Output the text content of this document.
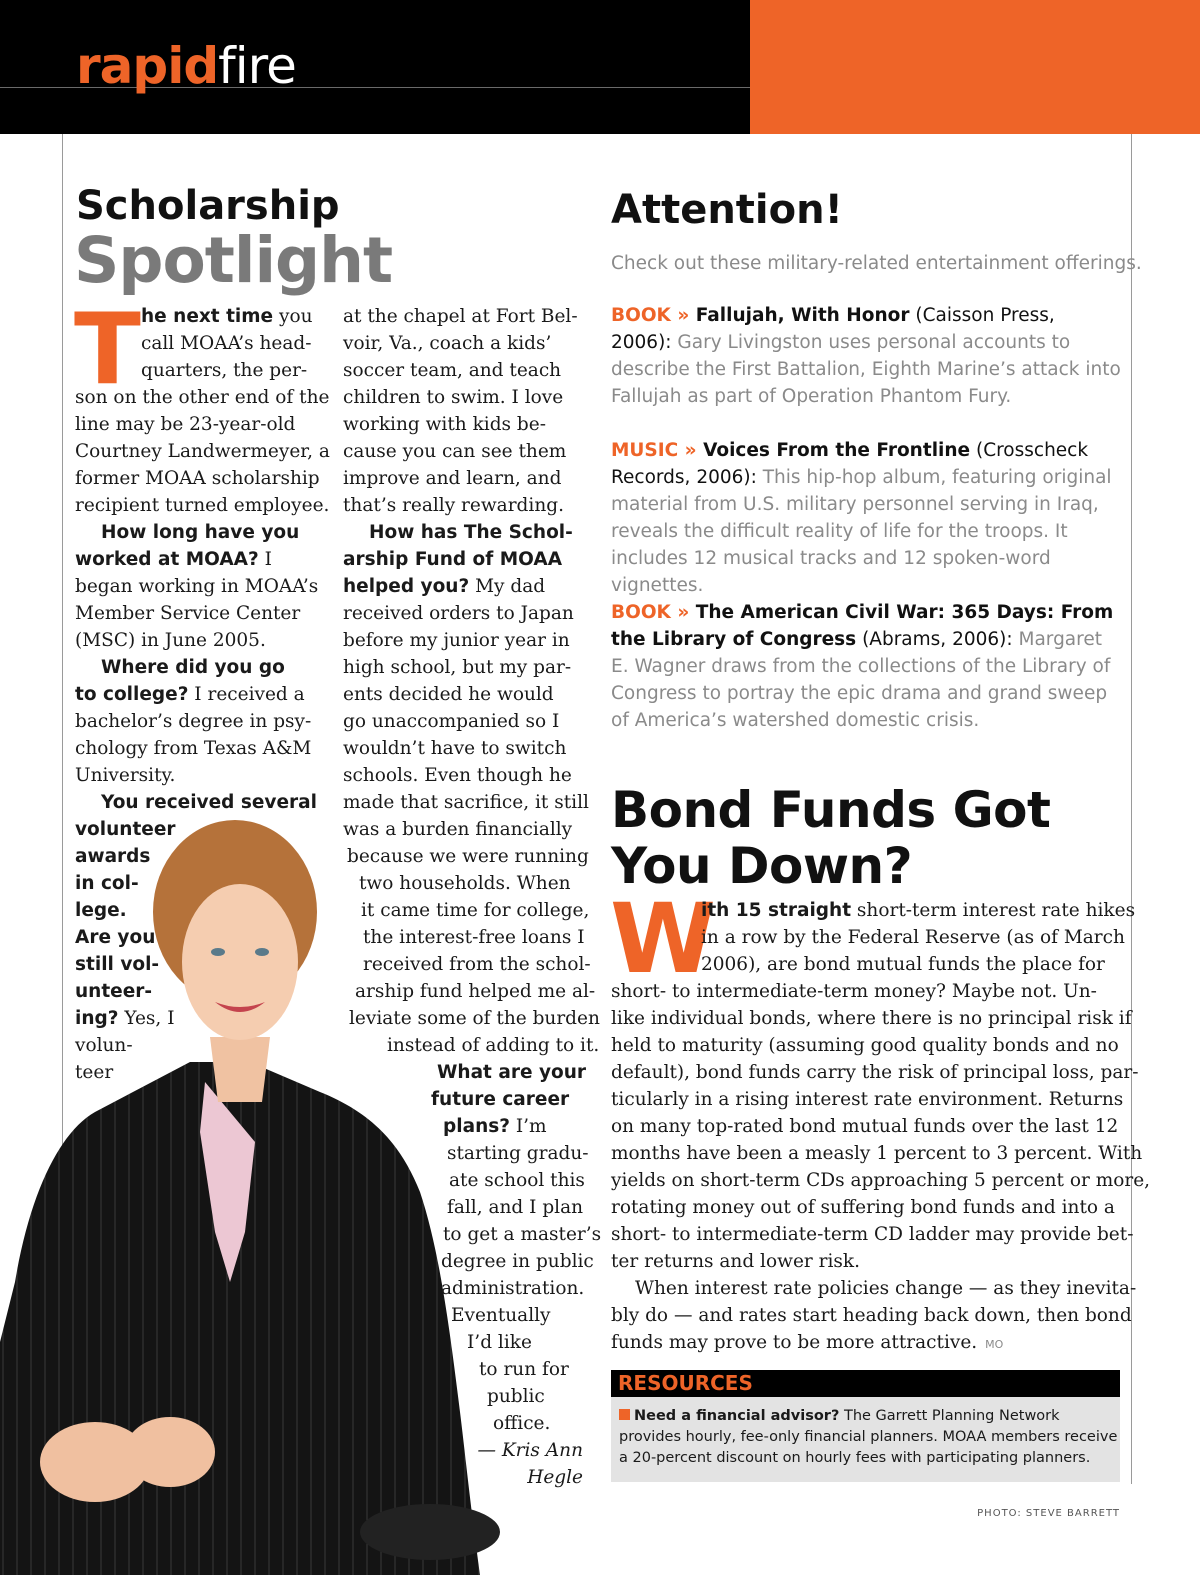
rapidfire
Scholarship
Spotlight
T he next time you
call MOAA’s head-
quarters, the per-
son on the other end of the
line may be 23-year-old
Courtney Landwermeyer, a
former MOAA scholarship
recipient turned employee.
How long have you
worked at MOAA? I
began working in MOAA’s
Member Service Center
(MSC) in June 2005.
Where did you go
to college? I received a
bachelor’s degree in psy-
chology from Texas A&M
University.
You received several
volunteer
awards
in col-
lege.
Are you
still vol-
unteer-
ing? Yes, I
volun-
teer
at the chapel at Fort Bel-
voir, Va., coach a kids’
soccer team, and teach
children to swim. I love
working with kids be-
cause you can see them
improve and learn, and
that’s really rewarding.
How has The Schol-
arship Fund of MOAA
helped you? My dad
received orders to Japan
before my junior year in
high school, but my par-
ents decided he would
go unaccompanied so I
wouldn’t have to switch
schools. Even though he
made that sacrifice, it still
was a burden financially
because we were running
two households. When
it came time for college,
the interest-free loans I
received from the schol-
arship fund helped me al-
leviate some of the burden
instead of adding to it.
What are your
future career
plans? I’m
starting gradu-
ate school this
fall, and I plan
to get a master’s
degree in public
administration.
Eventually
I’d like
to run for
public
office.
— Kris Ann
Hegle
Attention!
Check out these military-related entertainment offerings.
BOOK » Fallujah, With Honor (Caisson Press, 2006): Gary Livingston uses personal accounts to describe the First Battalion, Eighth Marine’s attack into Fallujah as part of Operation Phantom Fury.
MUSIC » Voices From the Frontline (Crosscheck Records, 2006): This hip-hop album, featuring original material from U.S. military personnel serving in Iraq, reveals the difficult reality of life for the troops. It includes 12 musical tracks and 12 spoken-word vignettes.
BOOK » The American Civil War: 365 Days: From the Library of Congress (Abrams, 2006): Margaret E. Wagner draws from the collections of the Library of Congress to portray the epic drama and grand sweep of America’s watershed domestic crisis.
Bond Funds Got
You Down?
W
ith 15 straight short-term interest rate hikes
in a row by the Federal Reserve (as of March
2006), are bond mutual funds the place for
short- to intermediate-term money? Maybe not. Un-
like individual bonds, where there is no principal risk if
held to maturity (assuming good quality bonds and no
default), bond funds carry the risk of principal loss, par-
ticularly in a rising interest rate environment. Returns
on many top-rated bond mutual funds over the last 12
months have been a measly 1 percent to 3 percent. With
yields on short-term CDs approaching 5 percent or more,
rotating money out of suffering bond funds and into a
short- to intermediate-term CD ladder may provide bet-
ter returns and lower risk.
When interest rate policies change — as they inevita-
bly do — and rates start heading back down, then bond
funds may prove to be more attractive. MO
RESOURCES
Need a financial advisor? The Garrett Planning Network provides hourly, fee-only financial planners. MOAA members receive a 20-percent discount on hourly fees with participating planners.
PHOTO: STEVE BARRETT
